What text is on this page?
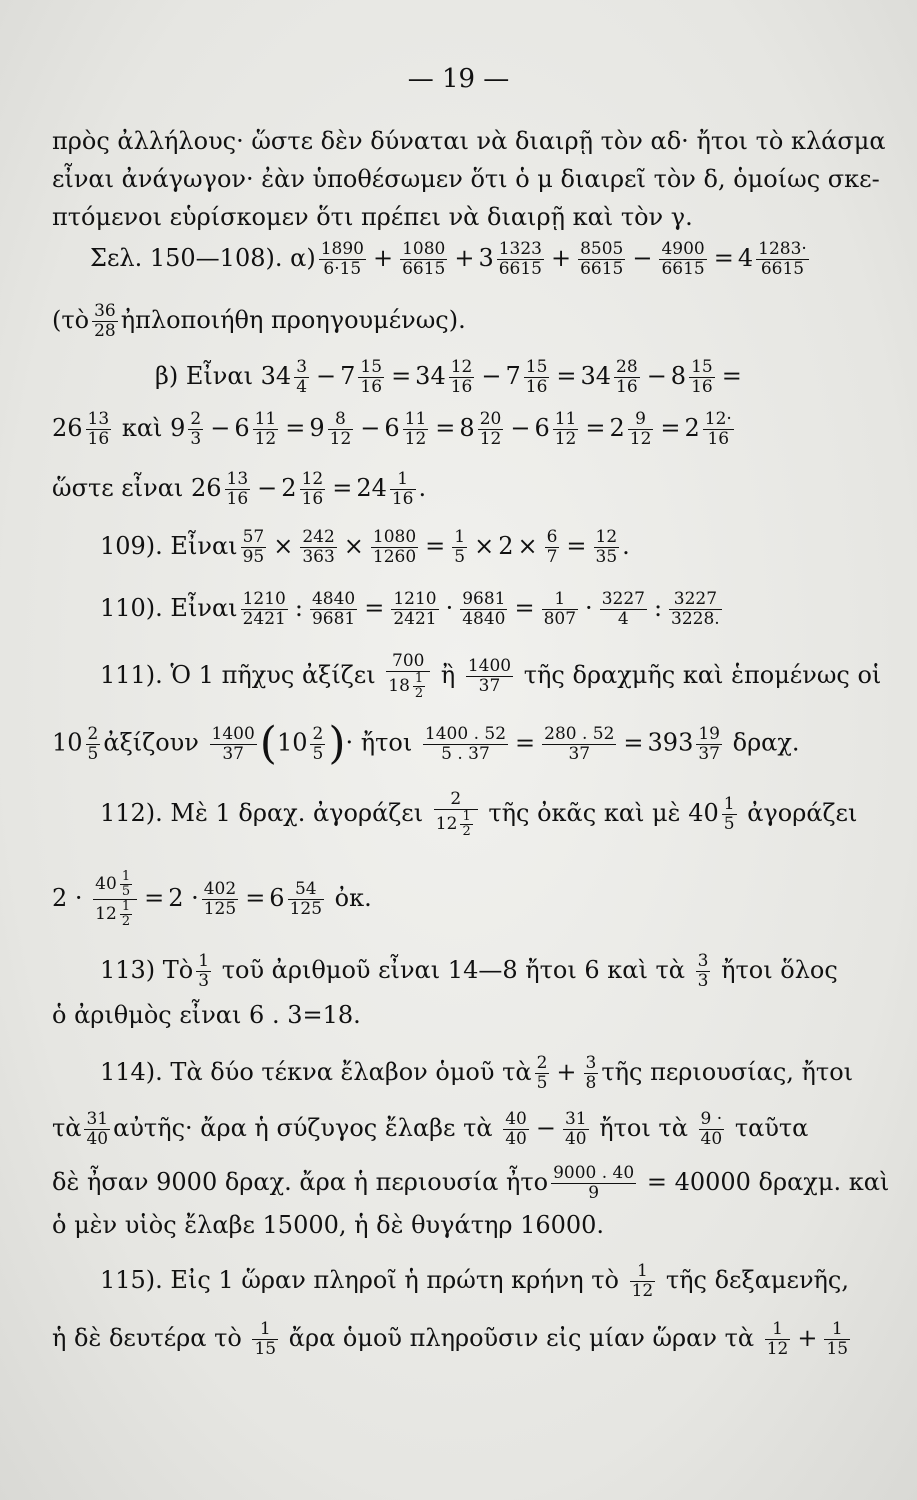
— 19 —
πρὸς ἀλλήλους· ὥστε δὲν δύναται νὰ διαιρῇ τὸν αδ· ἤτοι τὸ κλάσμα
εἶναι ἀνάγωγον· ἐὰν ὑποθέσωμεν ὅτι ὁ μ διαιρεῖ τὸν δ, ὁμοίως σκε-
πτόμενοι εὑρίσκομεν ὅτι πρέπει νὰ διαιρῇ καὶ τὸν γ.
Σελ. 150—108). $\alpha) \frac{1890}{6\cdot 15} + \frac{1080}{6615} + 3 \frac{1323}{6615} + \frac{8505}{6615} - \frac{4900}{6615} = 4 \frac{1283\cdot}{6615}$
(τὸ $\frac{36}{28}$ ἠπλοποιήθη προηγουμένως).
β) Εἶναι $34 \frac{3}{4} - 7 \frac{15}{16} = 34 \frac{12}{16} - 7 \frac{15}{16} = 34 \frac{28}{16} - 8 \frac{15}{16}$ =
$26 \frac{13}{16}$ καὶ $9 \frac{2}{3} - 6 \frac{11}{12} = 9 \frac{8}{12} - 6 \frac{11}{12} = 8 \frac{20}{12} - 6 \frac{11}{12} = 2 \frac{9}{12} = 2 \frac{12\cdot}{16}$
ὥστε εἶναι $26 \frac{13}{16} - 2 \frac{12}{16} = 24 \frac{1}{16}$ .
109). Εἶναι $\frac{57}{95} \times \frac{242}{363} \times \frac{1080}{1260} = \frac{1}{5} \times 2 \times \frac{6}{7} = \frac{12}{35}$ .
110). Εἶναι $\frac{1210}{2421}$ : $\frac{4840}{9681} = \frac{1210}{2421} \cdot \frac{9681}{4840} = \frac{1}{807} \cdot \frac{3227}{4}$ : $\frac{3227}{3228.}$
111). Ὁ 1 πῆχυς ἀξίζει $\frac{700}{18 \frac{1}{2}}$ ἢ $\frac{1400}{37}$ τῆς δραχμῆς καὶ ἑπομένως οἱ
$10 \frac{2}{5}$ ἀξίζουν $\frac{1400}{37} (10 \frac{2}{5}$ )· ἤτοι $\frac{1400 . 52}{5 . 37} = \frac{280 . 52}{37} = 393 \frac{19}{37} \delta\rho\alpha\chi$.
112). Μὲ 1 δραχ. ἀγοράζει $\frac{2}{12 \frac{1}{2}}$ τῆς ὀκᾶς καὶ μὲ $40 \frac{1}{5}$ ἀγοράζει
$2 \cdot \frac{40 \frac{1}{5}}{12 \frac{1}{2}} = 2 \cdot \frac{402}{125} = 6 \frac{54}{125}$ ὀκ.
113) Τὸ $\frac{1}{3}$ τοῦ ἀριθμοῦ εἶναι 14—8 ἤτοι 6 καὶ τὰ $\frac{3}{3}$ ἤτοι ὅλος
ὁ ἀριθμὸς εἶναι 6 . 3=18.
114). Τὰ δύο τέκνα ἔλαβον ὁμοῦ τὰ $\frac{2}{5} + \frac{3}{8}$ τῆς περιουσίας, ἤτοι
τὰ $\frac{31}{40}$ αὐτῆς· ἄρα ἡ σύζυγος ἔλαβε τὰ $\frac{40}{40} - \frac{31}{40}$ ἤτοι τὰ $\frac{9 \cdot}{40}$ ταῦτα
δὲ ἦσαν 9000 δραχ. ἄρα ἡ περιουσία ἦτο $\frac{9000 . 40}{9} = 40000$ δραχμ. καὶ
ὁ μὲν υἱὸς ἔλαβε 15000, ἡ δὲ θυγάτηρ 16000.
115). Εἰς 1 ὥραν πληροῖ ἡ πρώτη κρήνη τὸ $\frac{1}{12}$ τῆς δεξαμενῆς,
ἡ δὲ δευτέρα τὸ $\frac{1}{15}$ ἄρα ὁμοῦ πληροῦσιν εἰς μίαν ὥραν τὰ $\frac{1}{12} + \frac{1}{15}$
